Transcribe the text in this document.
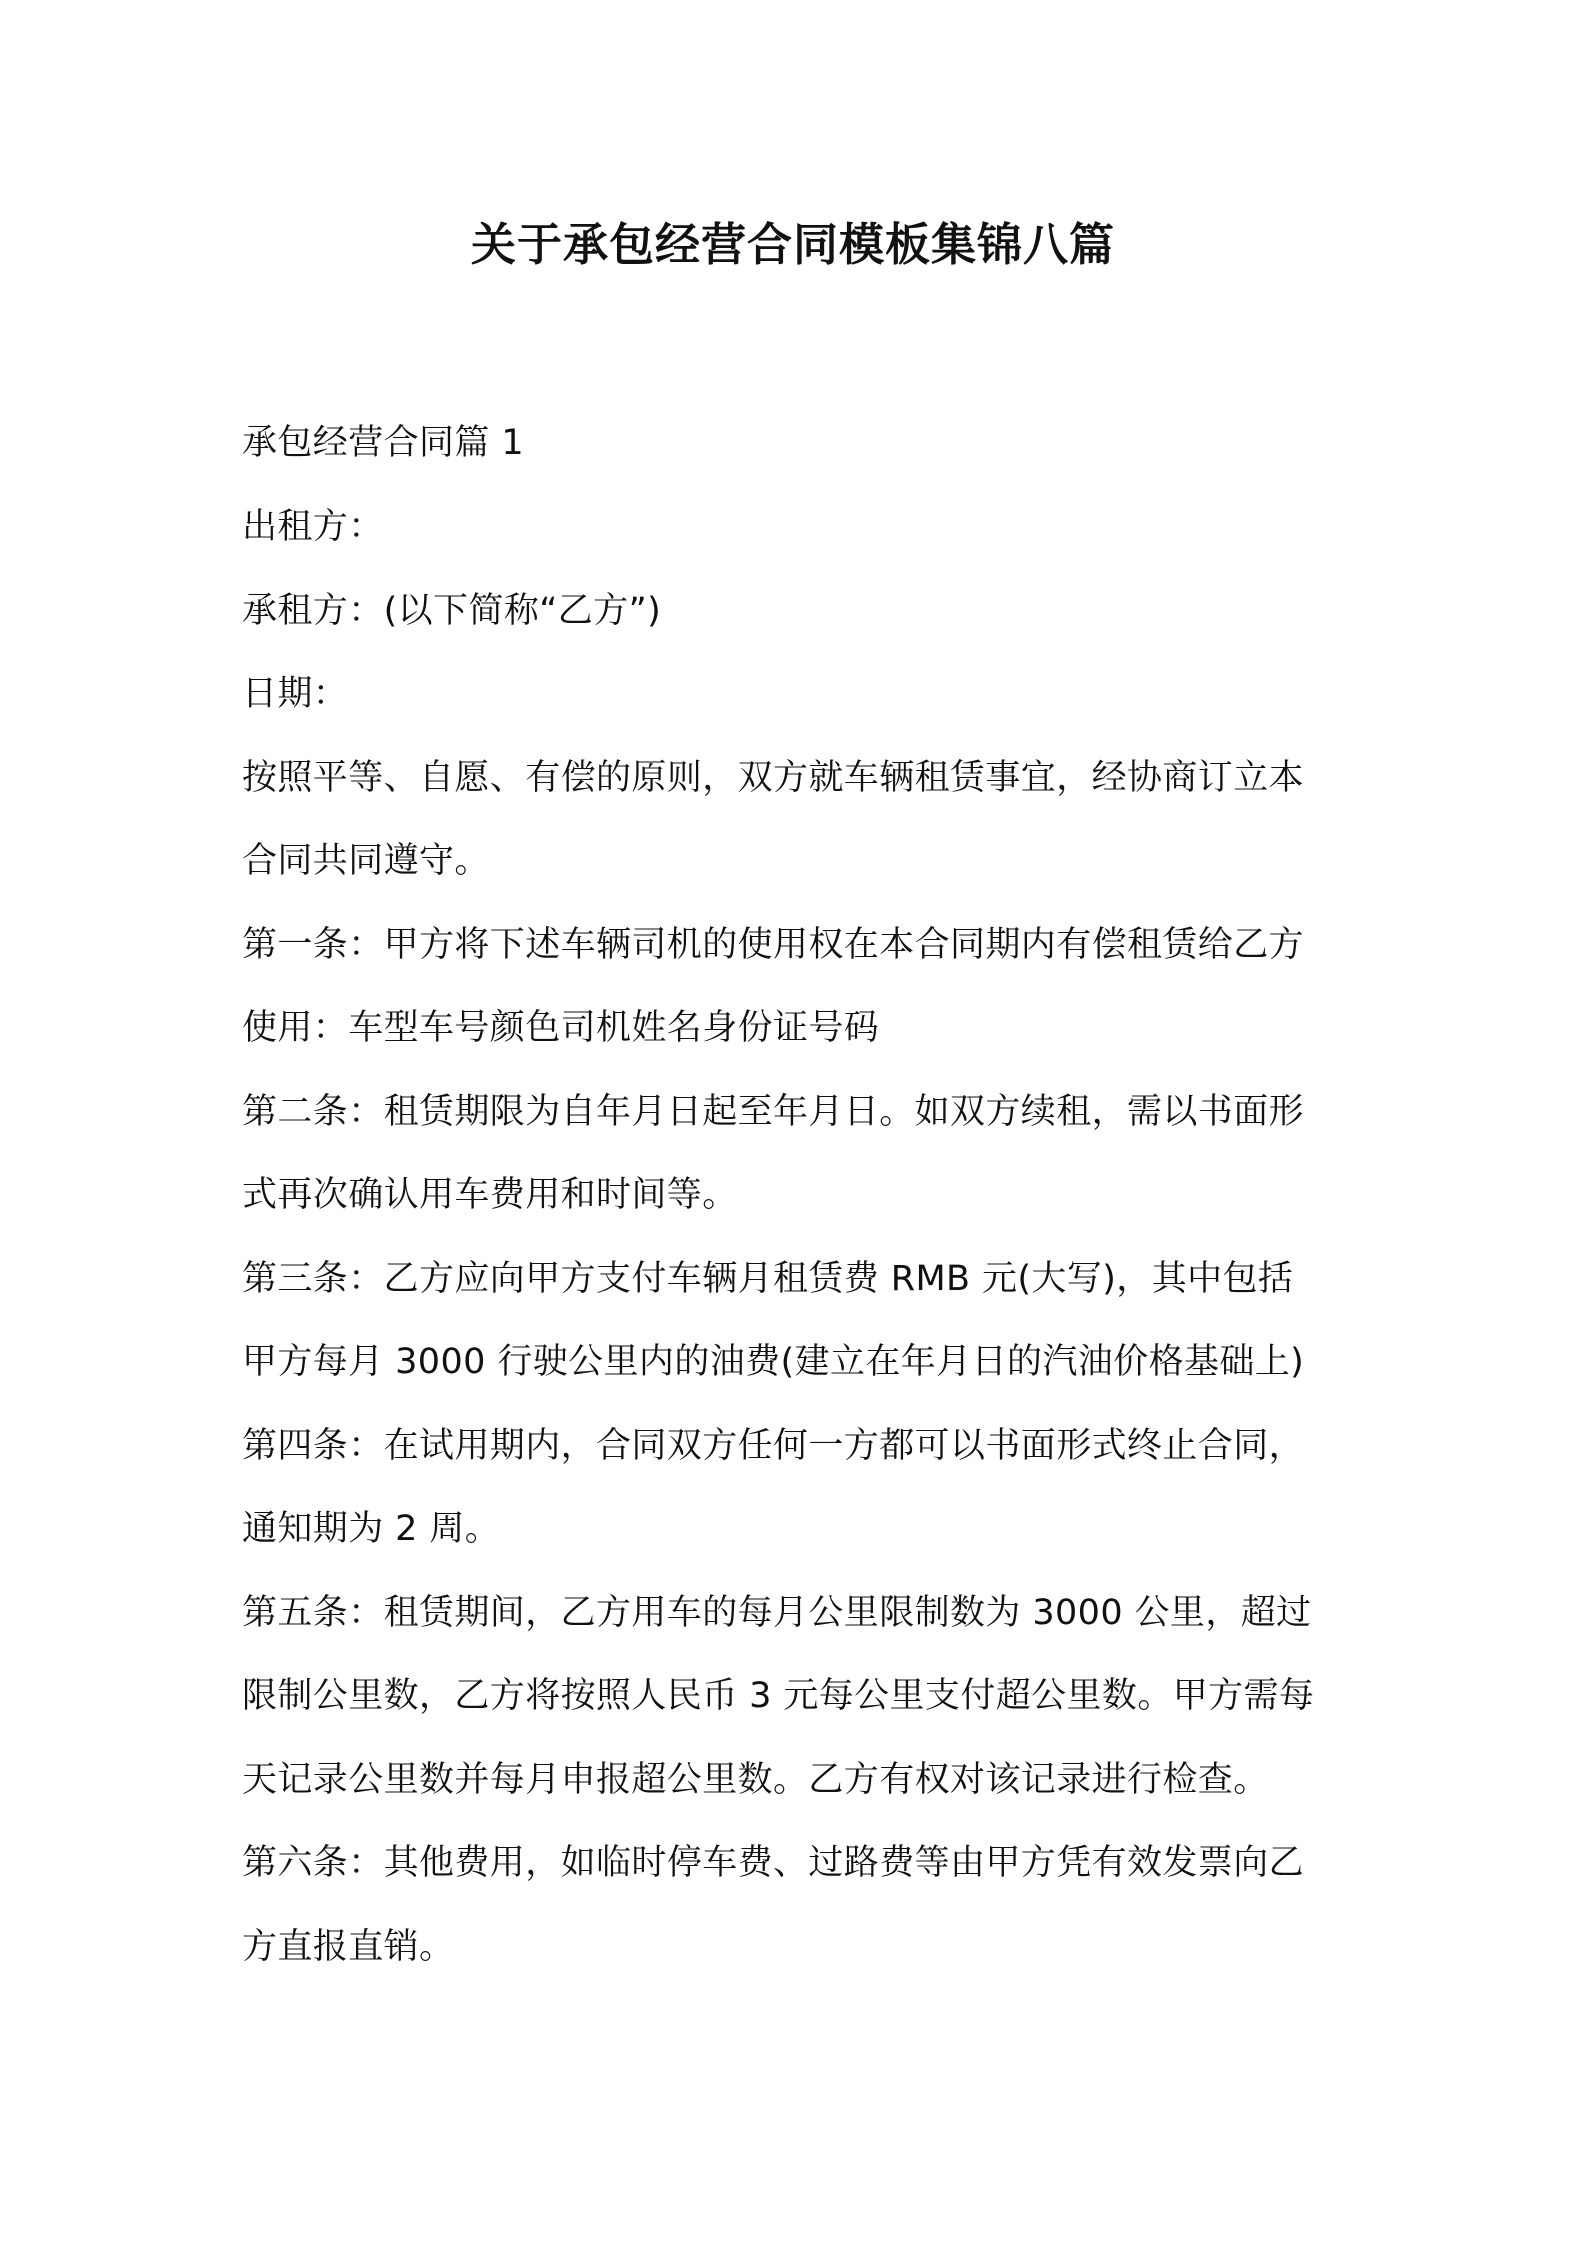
关于承包经营合同模板集锦八篇

承包经营合同篇 1

出租方：

承租方：(以下简称“乙方”)

日期：

按照平等、自愿、有偿的原则，双方就车辆租赁事宜，经协商订立本

合同共同遵守。

第一条：甲方将下述车辆司机的使用权在本合同期内有偿租赁给乙方

使用：车型车号颜色司机姓名身份证号码

第二条：租赁期限为自年月日起至年月日。如双方续租，需以书面形

式再次确认用车费用和时间等。

第三条：乙方应向甲方支付车辆月租赁费 RMB 元(大写)，其中包括

甲方每月 3000 行驶公里内的油费(建立在年月日的汽油价格基础上)

第四条：在试用期内，合同双方任何一方都可以书面形式终止合同，

通知期为 2 周。

第五条：租赁期间，乙方用车的每月公里限制数为 3000 公里，超过

限制公里数，乙方将按照人民币 3 元每公里支付超公里数。甲方需每

天记录公里数并每月申报超公里数。乙方有权对该记录进行检查。

第六条：其他费用，如临时停车费、过路费等由甲方凭有效发票向乙

方直报直销。
